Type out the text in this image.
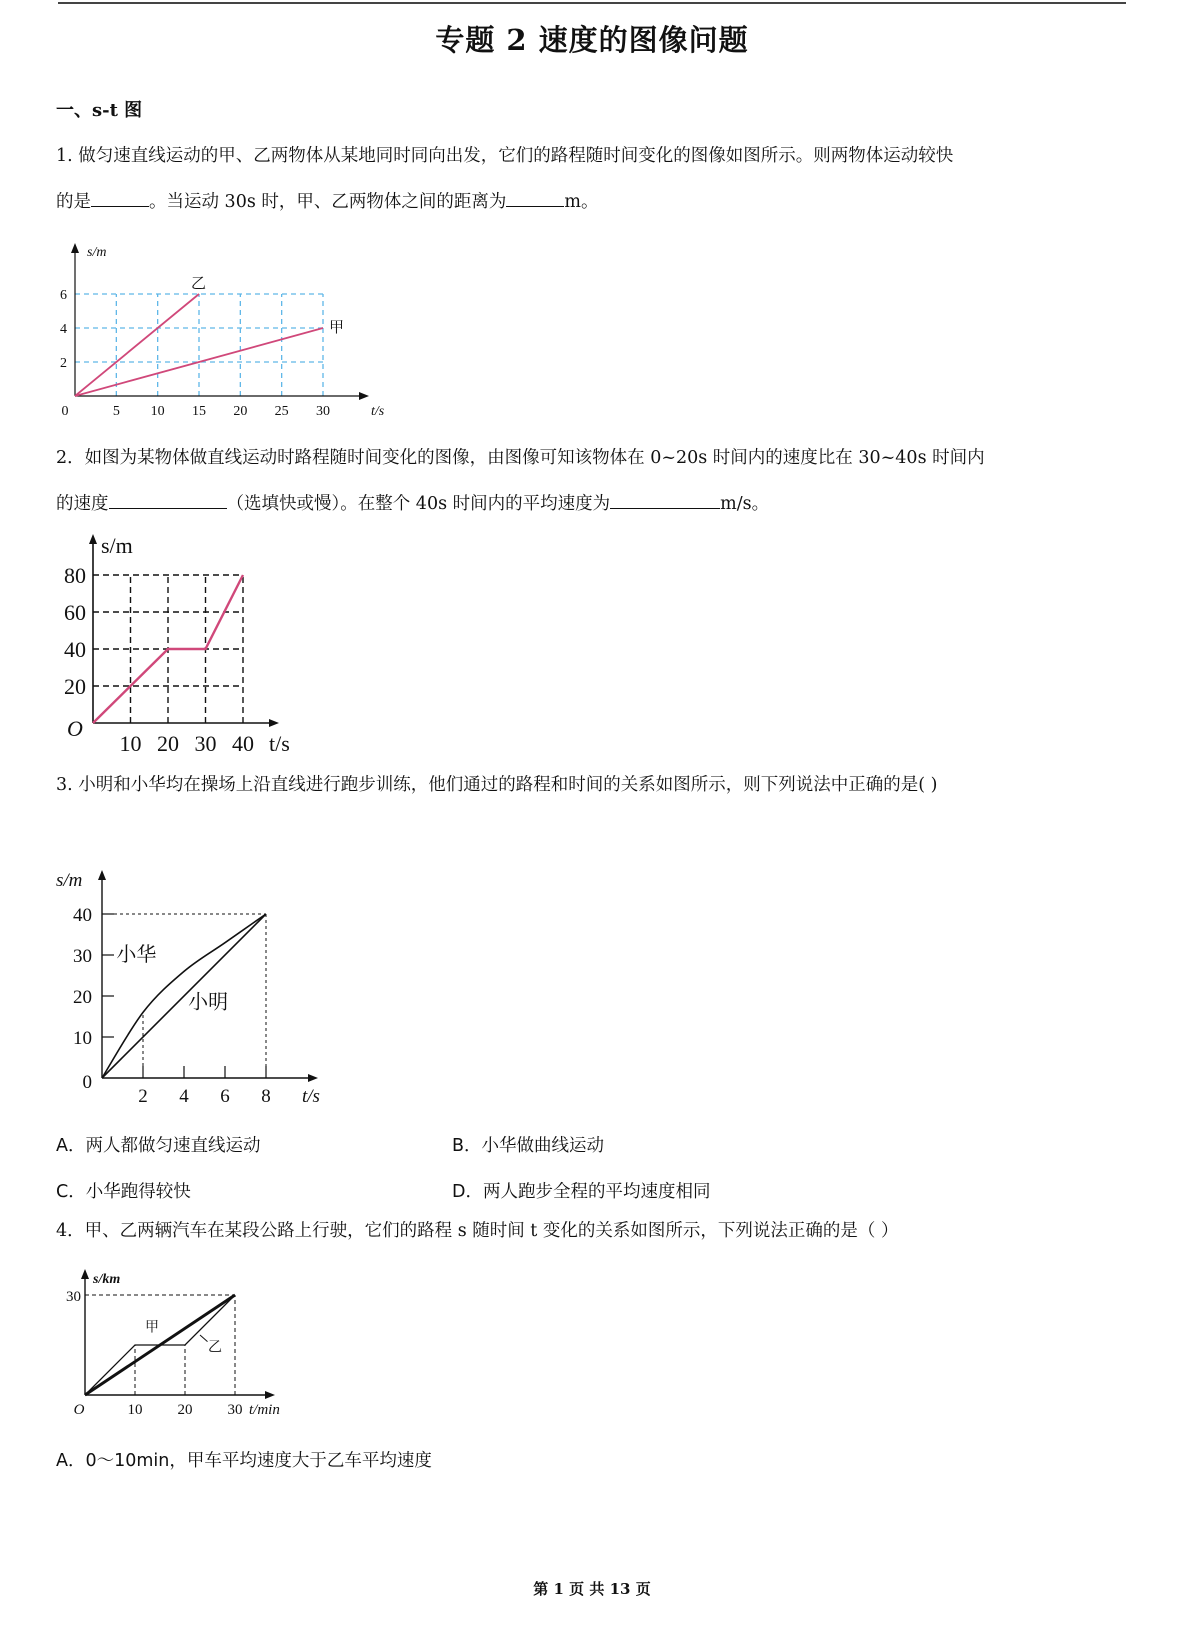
专题 2 速度的图像问题
一、s-t 图
1. 做匀速直线运动的甲、乙两物体从某地同时同向出发，它们的路程随时间变化的图像如图所示。则两物体运动较快
的是	。当运动 30s 时，甲、乙两物体之间的距离为	m。
5 10 15 20 25 30
2
4
6
0
s/m
t/s
乙
甲
2．如图为某物体做直线运动时路程随时间变化的图像，由图像可知该物体在 0~20s 时间内的速度比在 30~40s 时间内
的速度	（选填快或慢）。在整个 40s 时间内的平均速度为	m/s。
10 20 30 40
20
40
60
80
O
s/m
t/s
3. 小明和小华均在操场上沿直线进行跑步训练，他们通过的路程和时间的关系如图所示，则下列说法中正确的是( )
2 4 6 8
10
20
30
40
0
s/m
t/s
小华
小明
A．两人都做匀速直线运动	B．小华做曲线运动
C．小华跑得较快	D．两人跑步全程的平均速度相同
4．甲、乙两辆汽车在某段公路上行驶，它们的路程 s 随时间 t 变化的关系如图所示，下列说法正确的是（ ）
10 20 30
30
O
s/km
t/min
甲
乙
A．0～10min，甲车平均速度大于乙车平均速度
第 1 页 共 13 页
